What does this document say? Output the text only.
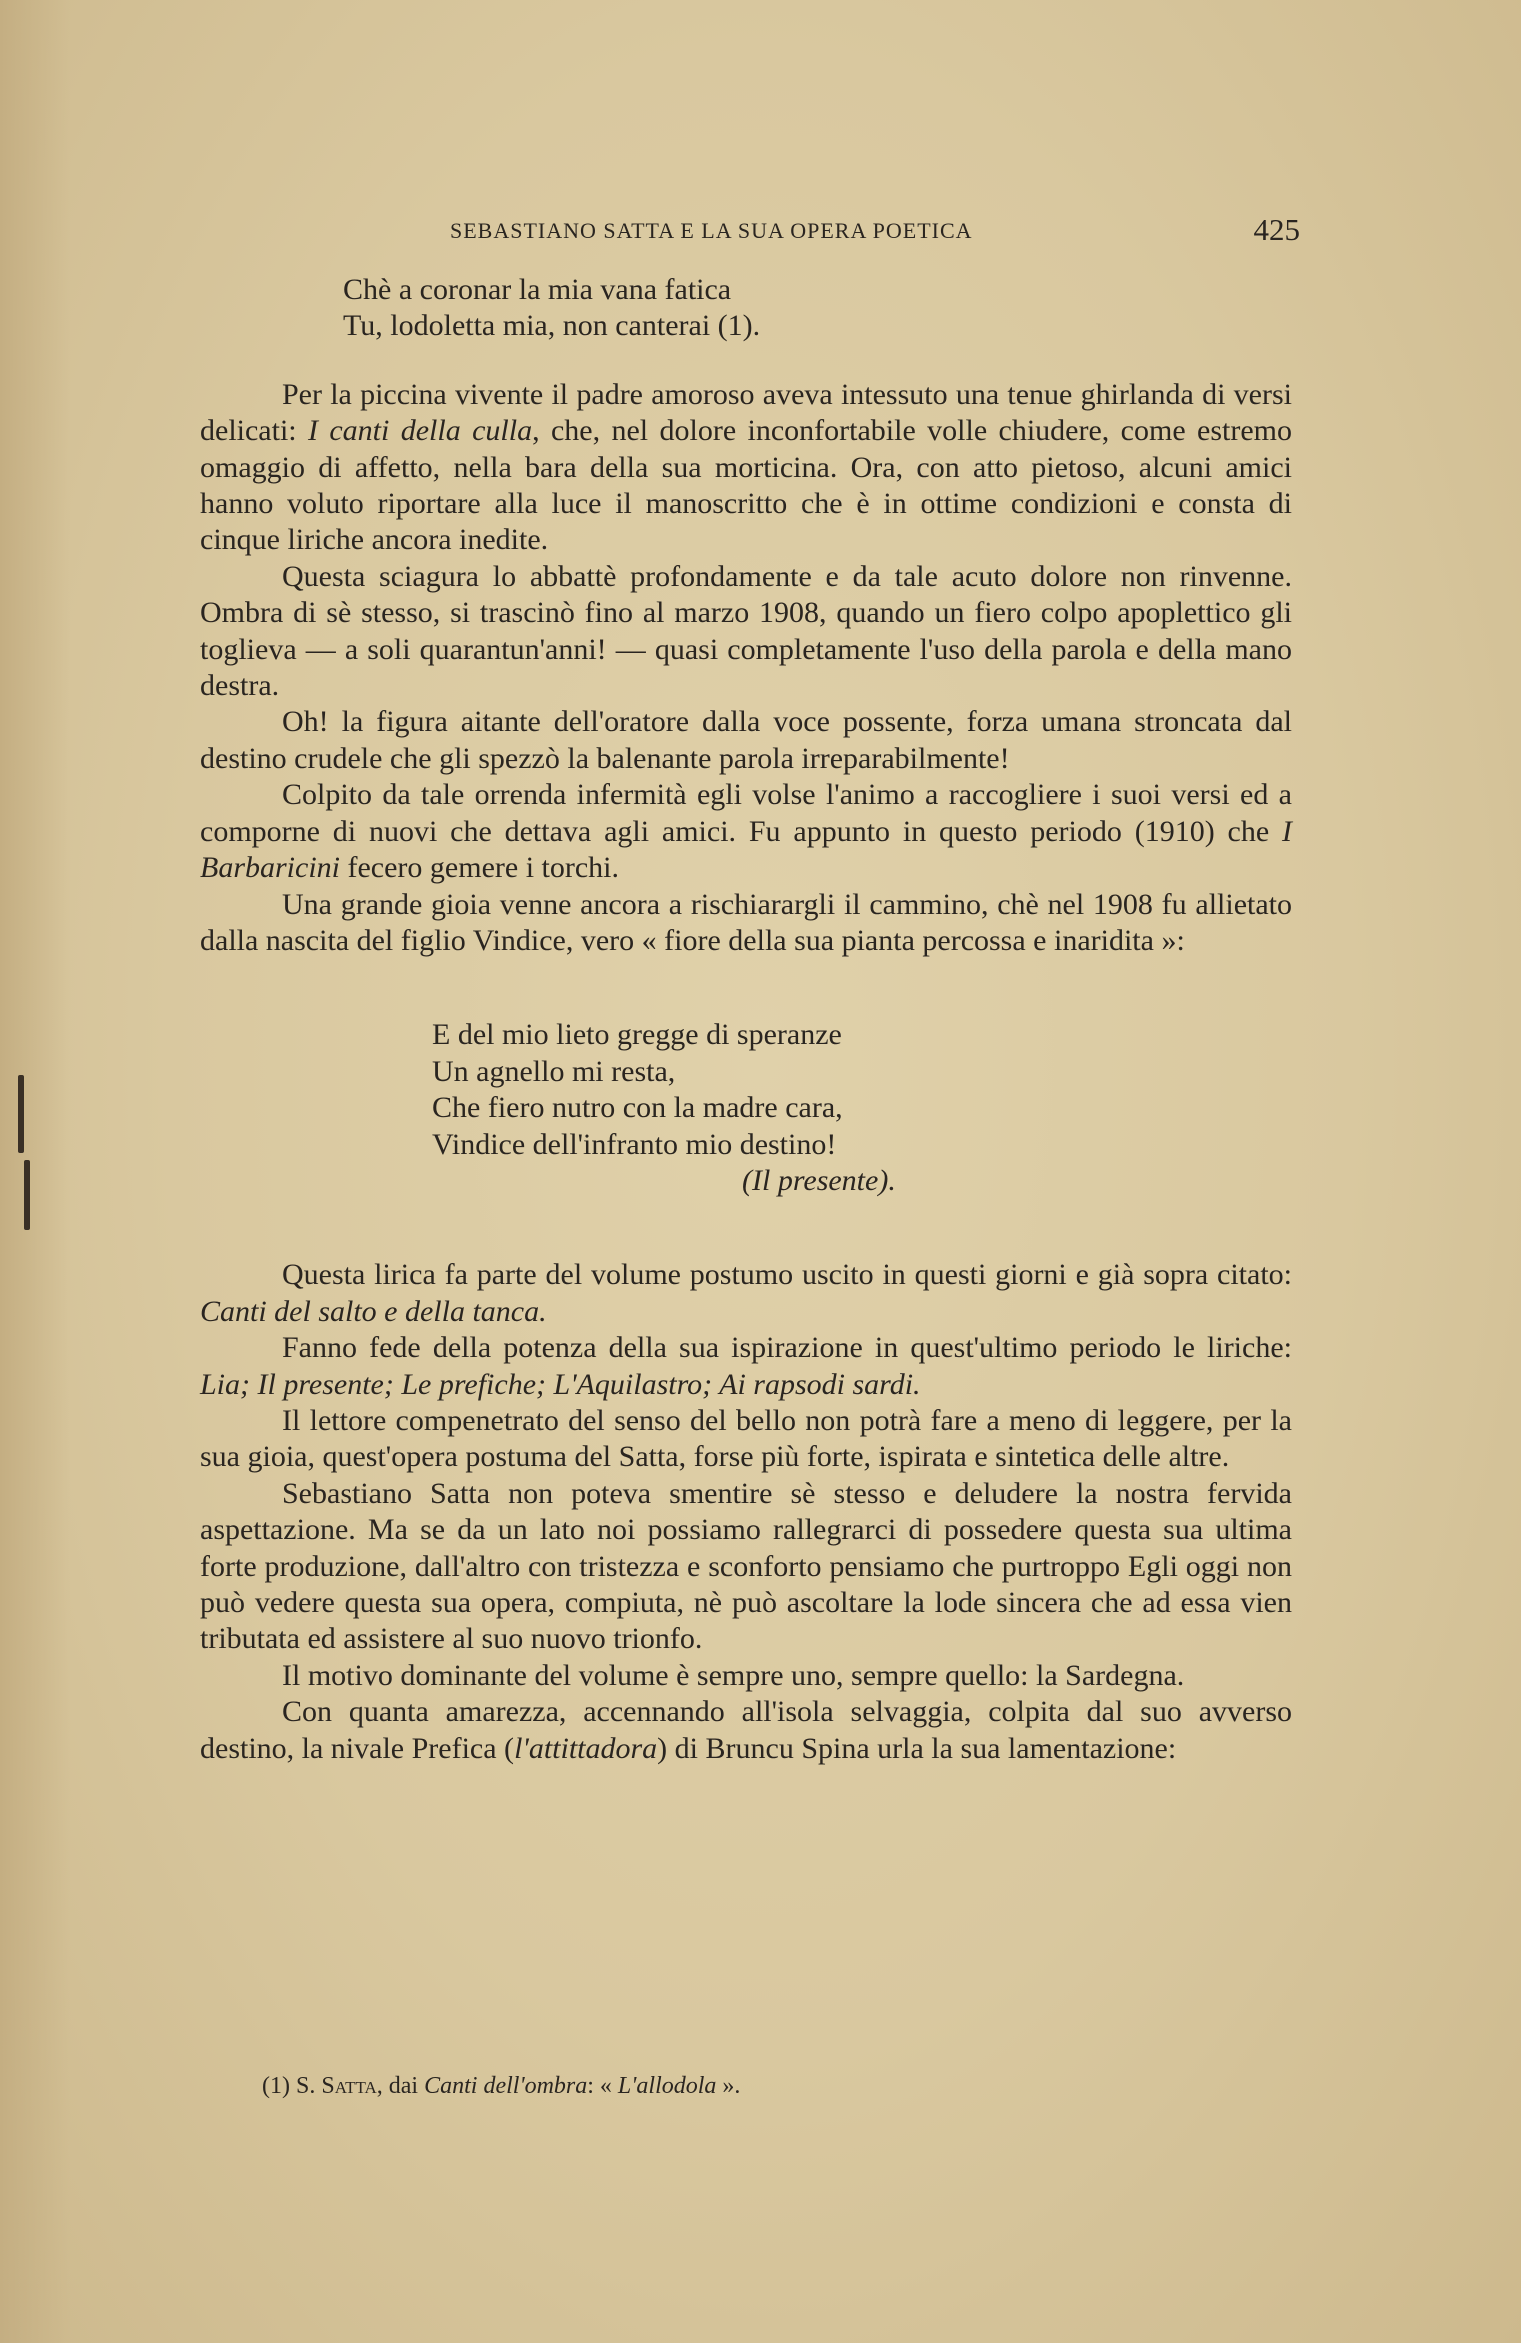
SEBASTIANO SATTA E LA SUA OPERA POETICA	425
Chè a coronar la mia vana fatica
Tu, lodoletta mia, non canterai (1).

Per la piccina vivente il padre amoroso aveva intessuto una tenue ghirlanda di versi delicati: I canti della culla, che, nel dolore inconfortabile volle chiudere, come estremo omaggio di affetto, nella bara della sua morticina. Ora, con atto pietoso, alcuni amici hanno voluto riportare alla luce il manoscritto che è in ottime condizioni e consta di cinque liriche ancora inedite.

Questa sciagura lo abbattè profondamente e da tale acuto dolore non rinvenne. Ombra di sè stesso, si trascinò fino al marzo 1908, quando un fiero colpo apoplettico gli toglieva — a soli quarantun'anni! — quasi completamente l'uso della parola e della mano destra.

Oh! la figura aitante dell'oratore dalla voce possente, forza umana stroncata dal destino crudele che gli spezzò la balenante parola irreparabilmente!

Colpito da tale orrenda infermità egli volse l'animo a raccogliere i suoi versi ed a comporne di nuovi che dettava agli amici. Fu appunto in questo periodo (1910) che I Barbaricini fecero gemere i torchi.

Una grande gioia venne ancora a rischiarargli il cammino, chè nel 1908 fu allietato dalla nascita del figlio Vindice, vero « fiore della sua pianta percossa e inaridita »:

E del mio lieto gregge di speranze
Un agnello mi resta,
Che fiero nutro con la madre cara,
Vindice dell'infranto mio destino!
(Il presente).

Questa lirica fa parte del volume postumo uscito in questi giorni e già sopra citato: Canti del salto e della tanca.

Fanno fede della potenza della sua ispirazione in quest'ultimo periodo le liriche: Lia; Il presente; Le prefiche; L'Aquilastro; Ai rapsodi sardi.

Il lettore compenetrato del senso del bello non potrà fare a meno di leggere, per la sua gioia, quest'opera postuma del Satta, forse più forte, ispirata e sintetica delle altre.

Sebastiano Satta non poteva smentire sè stesso e deludere la nostra fervida aspettazione. Ma se da un lato noi possiamo rallegrarci di possedere questa sua ultima forte produzione, dall'altro con tristezza e sconforto pensiamo che purtroppo Egli oggi non può vedere questa sua opera, compiuta, nè può ascoltare la lode sincera che ad essa vien tributata ed assistere al suo nuovo trionfo.

Il motivo dominante del volume è sempre uno, sempre quello: la Sardegna.

Con quanta amarezza, accennando all'isola selvaggia, colpita dal suo avverso destino, la nivale Prefica (l'attittadora) di Bruncu Spina urla la sua lamentazione:

(1) S. Satta, dai Canti dell'ombra: « L'allodola ».
